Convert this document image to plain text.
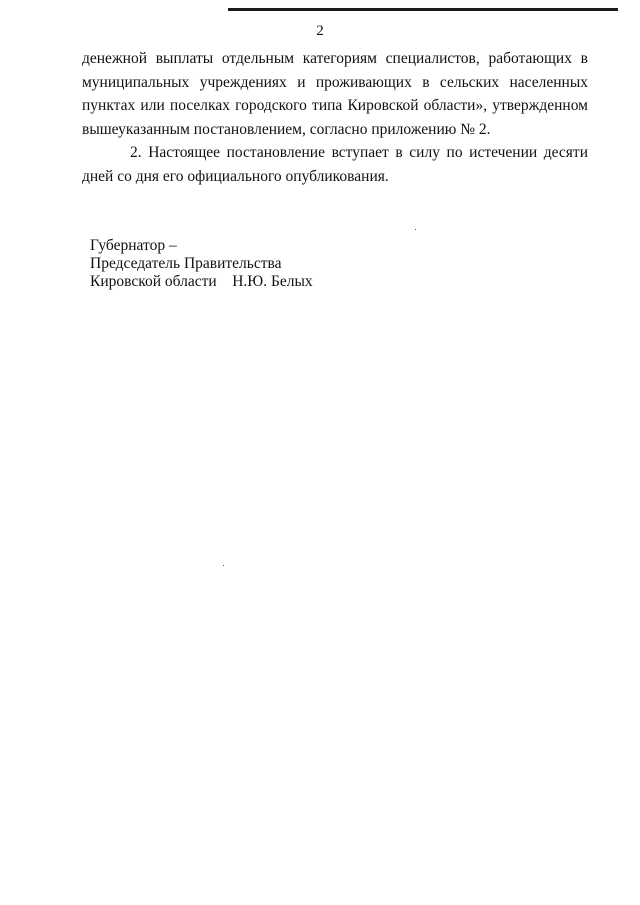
2

денежной выплаты отдельным категориям специалистов, работающих в муниципальных учреждениях и проживающих в сельских населенных пунктах или поселках городского типа Кировской области», утвержденном вышеуказанным постановлением, согласно приложению № 2.

2. Настоящее постановление вступает в силу по истечении десяти дней со дня его официального опубликования.

Губернатор –
Председатель Правительства
Кировской области    Н.Ю. Белых
